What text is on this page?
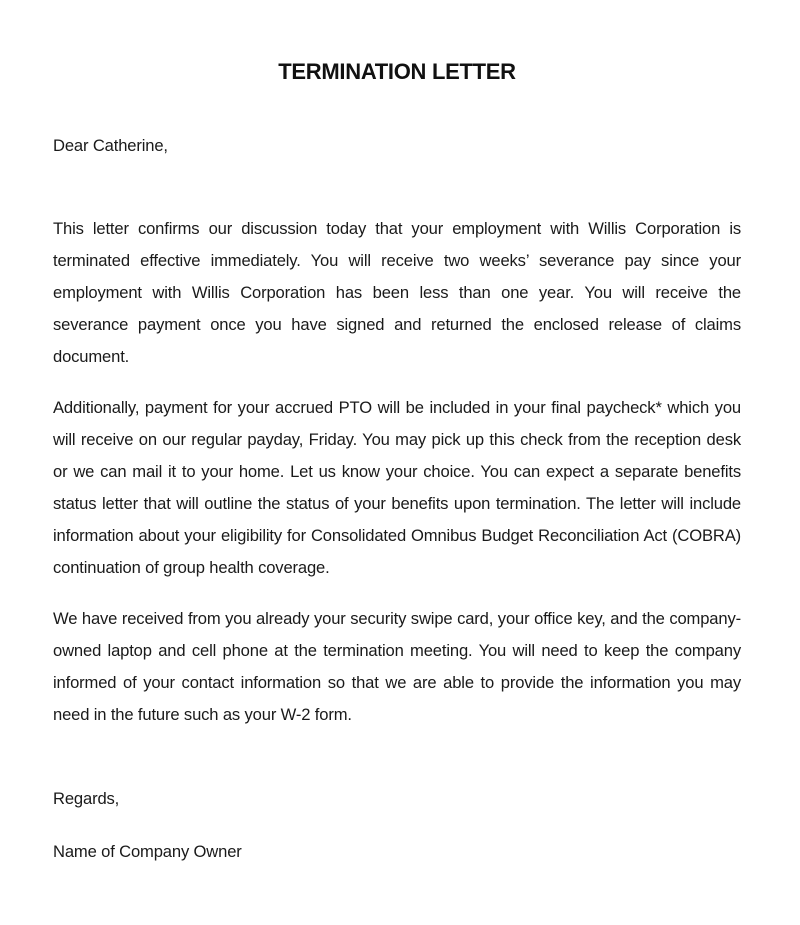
TERMINATION LETTER
Dear Catherine,
This letter confirms our discussion today that your employment with Willis Corporation is terminated effective immediately. You will receive two weeks’ severance pay since your employment with Willis Corporation has been less than one year. You will receive the severance payment once you have signed and returned the enclosed release of claims document.
Additionally, payment for your accrued PTO will be included in your final paycheck* which you will receive on our regular payday, Friday. You may pick up this check from the reception desk or we can mail it to your home. Let us know your choice. You can expect a separate benefits status letter that will outline the status of your benefits upon termination. The letter will include information about your eligibility for Consolidated Omnibus Budget Reconciliation Act (COBRA) continuation of group health coverage.
We have received from you already your security swipe card, your office key, and the company-owned laptop and cell phone at the termination meeting. You will need to keep the company informed of your contact information so that we are able to provide the information you may need in the future such as your W-2 form.
Regards,
Name of Company Owner
